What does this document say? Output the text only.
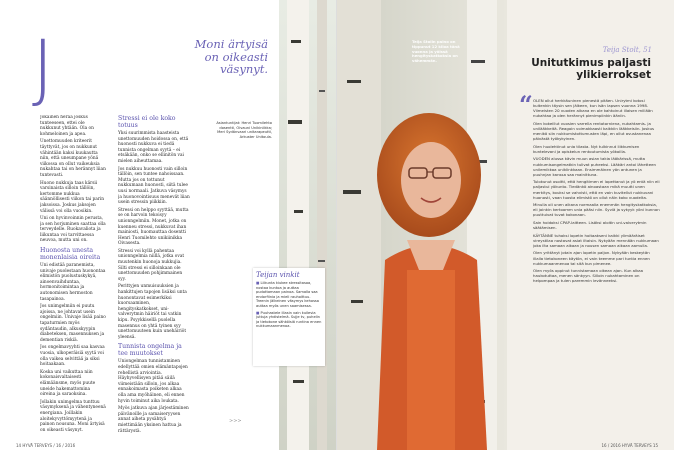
J

Jokainen herää joskus tunteeseen, ettei ole nukkunut yhtään. Ola on kohmeloinen ja apea.

Unettomuuden kriteerit täyttyvät, jos on nukkunut vähintään kaksi kuukautta niin, että uneumpane yönä viikossa on ollut vaikeuksia nukahtaa tai on herännyt liian tuntevasti.

Huono nukkuja taas kärsii varsinaista silloin tällöin, kertomme nukkua säännöllisesti viikon tai parin jaksoissa. Joskus jaksojen välissä voi olla vuosikin.

Uni on hyvinvoinnin perusta, ja sen horjuminen saattaa olla terveydelle. Ruokavaliota ja liikuntaa voi tarvittaessa neuvoa, mutta uni on.

Huonosta unesta monenlaisia oireita

Uni edistää paranemista, univaje puolestaan huonontaa elimistön puolustuskykyä, ainoenvaihduntaa, hormonitoimintaa ja autonomisen hermoston tasapainoa.

Jos unimgelmiin ei puutu ajoissa, ne johtavat usein ongelmiin. Univaje lisää paino tapaturmien myös sydäntaudin, alkuskyypin diabeteksen, masennuksen ja dementian riskiä.

Jos ongelmavyyhti saa kasvaa vuosia, ulkoperäisiä syytä voi olla vaikea selvittää ja siksi hoitaakaan.

Koska uni vaikuttaa niin kokonaisvaltaisesti elämäänsme, myös puute uneide hakemattomina oireina ja saraoksina.

Jollakin unimgelma tunttuu väsymyksenä ja vähentyneenä energiana. Joillakin aloitekyvyttömyytenä ja painon nousuna. Moni ärtyisä on oikeasti väsynyt.

Stressi ei ole koko totuus

Yksi suurimmista haasteista unettomuuden hoidossa on, että huonosti nukkuva ei tiedä tunnista ongelman syytä – ei etsäkään, onko se ellinitön vai mielen aiheuttamaa.

Jos nukkuu huonosti vain silloin tällöin, sen tuntee nahoissaan. Mutta jos on tottunut nukkumaan huonosti, siitä tulee uusi normaali. Jatkuva väsymys ja huonovointisuus menevät liian usein stressin piikkiin.

Stressi on helppo syyttää, mutta se on harvoin tekoisyy unionngelmiin. Monet, jotka on kuenneu stressi, nukkuvat ihan mainiosti, huomauttaa dosentti Henri Tuomilehto unikiinikka Oivasesta.

Stressi voi kyllä pahentaa unionngelmia niillä, jotka ovat muutenkin huonoja nukkujia. Silti stressi ei silloinkaan ole unettomuuden pohjimmainen syy.

Perittyjen unmuisuuksien ja hankittujen tapojen lisäksi unta huonontavat esimerkiksi kuorsaaminen, hengityskatkokset, uni-valverytmin häiriöt tai vatkin kipu. Psyykkisellä puolella masennus on yhtä tyinen syy unettomuuteen kuin unehäiriöt yleensä.

Tunnista ongelma ja tee muutokset

Uniongelman tunnistaminen edellyttää omien elämäntapojen rehellistä arviointia. Häyhyvellisyen pitää säilä viimeistään silloin, jos alkaa ennakoimasta poiketen alkaa olla ama myöhäinen, eli ennen hyvin toiminut aika loukata.

Myös jatkuva ajan järjestäminen päivänoille ja samaiseryysen annat aiheta pysähtyä miettimään yksinen hattua ja rättärystä.

Moni ärtyisä on oikeasti väsynyt.
Asiantuntijat: Henri Tuomilehto dosentti, Oivauni Unikiniikka; Meri Sydänvaari unitarapeutti, Arkuster Unitoula.
Teijan vinkit
■ Liikunta kiukee stressitasoa, nostaa kuntoa ja auttaa pudottamaan painoa. Samalla saa endorfiinia ja mieli rauhoittuu. Treenin jälkeinen väsymys kehossa auttaa myös unen saamisessa.
■ Puuhastele illasin vain kuilevia juttuja yhdistelmä. Sujje tv, puhelin ja tietokone sähköisiä runtina ennen nukkumaanmenoa.
>>>
14 HYVÄ TERVEYS / 16 / 2016
Teija Stolin paino on tippunut 12 kiloa tänä vuonna ja yöissä hengityskatkoksia on vähemmän.
Teija Stolt, 51
Unitutkimus paljasti ylikierrokset
“ OLEN ollut herkkäuninen pienestä pitäen. Unirytmi kotosi kuitenkin täysin sen jälkeen, kun isän lapsen vuonna 1998. Viimeisten 20 vuoden aikana en ole kahtoinut illaisen millään nukahtaa ja olen herännyt pienimpiinkin ääniin.

Olen kokeillut vuosien varrella rentotorniena, nukahtamis- ja unilääkkeitä. Reagoin voimakkaasti kaikkiin lääkkeisiin. Joskus menikö siin nukkumistottumusten läpi, en ollut avustanenaa päivästä työkykyinen.

Olen huolehtinut unia tilasta. Nyt tulkinnut liikkumisen kuntelevani ja opiskelun rentoutumista yökoilla.

VUODEN alussa kävin muun asian takia lääkärissä, mutta nukkumisongelmatkin tulivat puheeksi. Lääkäri antoi lähetteen unilemikkaa uniklinkkaan. Ensimmäinen yön antunen ja puuhnjan kanssa saa mainittuna.

Tulokunut osoitti, että hengitimen ei lopettanut ja yö entä niin eli paljastui yökunto. Tiedänkö ainoastaan mikä muutti unen merkitys, kouksi se vahvisti, että en vain kuvitellut nukkuvani huonosti, vaan tuosta elimistö on ollut näin koko vuodelta.

Minulla oli unen aikana normaalia enemmän hengityskatkoksia, eli joinkin kertoomm unia pääsi niin. Syviä ja sykyyk yöni kunnon puuttuivat tuvat kokonaan.

Sain hoidoksi CPAP-laitteen. Lisäksi aloitin uni-valverytmin säätämisen.

KÄYTÄNNE tuhoksi lopetin hoitaakseni kaikki ylimääräiset vireystilaa nostavat asiat iltaisin. Nykyään mennään nukkumaan joka ilta samaan aikaan ja nousen samaan aikaan aamulla.

Olen yrittänyt jotain ajan lopetin paljon. Nykyään keskeytän illalla tietokoneen käytön, ei vain teemme pari tuntia ennen nukkumaanmenoa tai sitä kun pimenee.

Olen myös oppinut tunnistamaan oikean ajan. Kun alkaa haukotuttaa, menen sänkyyn. Silloin nukahtaminen on helpompaa ja tulen paremmin levänneeksi.

16 / 2016 HYVÄ TERVEYS 15
